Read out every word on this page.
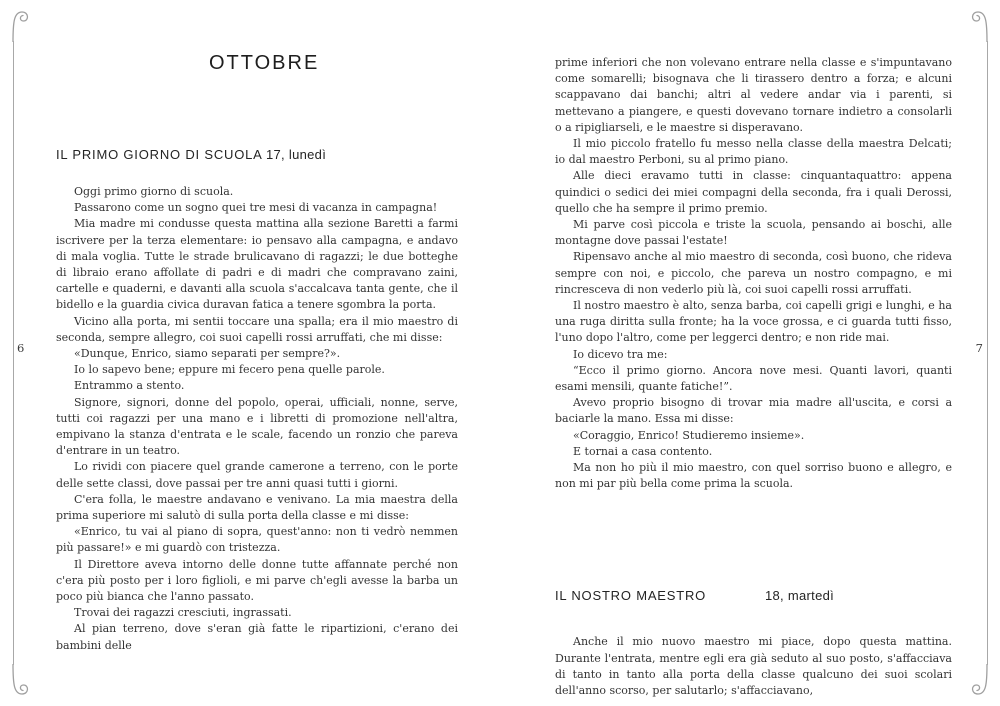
6	7
OTTOBRE
IL PRIMO GIORNO DI SCUOLA 17, lunedì

Oggi primo giorno di scuola.

Passarono come un sogno quei tre mesi di vacanza in campagna!

Mia madre mi condusse questa mattina alla sezione Baretti a farmi iscrivere per la terza elementare: io pensavo alla campagna, e andavo di mala voglia. Tutte le strade brulicavano di ragazzi; le due botteghe di libraio erano affollate di padri e di madri che compravano zaini, cartelle e quaderni, e davanti alla scuola s'accalcava tanta gente, che il bidello e la guardia civica duravan fatica a tenere sgombra la porta.

Vicino alla porta, mi sentii toccare una spalla; era il mio maestro di seconda, sempre allegro, coi suoi capelli rossi arruffati, che mi disse:

«Dunque, Enrico, siamo separati per sempre?».

Io lo sapevo bene; eppure mi fecero pena quelle parole.

Entrammo a stento.

Signore, signori, donne del popolo, operai, ufficiali, nonne, serve, tutti coi ragazzi per una mano e i libretti di promozione nell'altra, empivano la stanza d'entrata e le scale, facendo un ronzio che pareva d'entrare in un teatro.

Lo rividi con piacere quel grande camerone a terreno, con le porte delle sette classi, dove passai per tre anni quasi tutti i giorni.

C'era folla, le maestre andavano e venivano. La mia maestra della prima superiore mi salutò di sulla porta della classe e mi disse:

«Enrico, tu vai al piano di sopra, quest'anno: non ti vedrò nemmen più passare!» e mi guardò con tristezza.

Il Direttore aveva intorno delle donne tutte affannate perché non c'era più posto per i loro figlioli, e mi parve ch'egli avesse la barba un poco più bianca che l'anno passato.

Trovai dei ragazzi cresciuti, ingrassati.

Al pian terreno, dove s'eran già fatte le ripartizioni, c'erano dei bambini delle

prime inferiori che non volevano entrare nella classe e s'impuntavano come somarelli; bisognava che li tirassero dentro a forza; e alcuni scappavano dai banchi; altri al vedere andar via i parenti, si mettevano a piangere, e questi dovevano tornare indietro a consolarli o a ripigliarseli, e le maestre si disperavano.

Il mio piccolo fratello fu messo nella classe della maestra Delcati; io dal maestro Perboni, su al primo piano.

Alle dieci eravamo tutti in classe: cinquantaquattro: appena quindici o sedici dei miei compagni della seconda, fra i quali Derossi, quello che ha sempre il primo premio.

Mi parve così piccola e triste la scuola, pensando ai boschi, alle montagne dove passai l'estate!

Ripensavo anche al mio maestro di seconda, così buono, che rideva sempre con noi, e piccolo, che pareva un nostro compagno, e mi rincresceva di non vederlo più là, coi suoi capelli rossi arruffati.

Il nostro maestro è alto, senza barba, coi capelli grigi e lunghi, e ha una ruga diritta sulla fronte; ha la voce grossa, e ci guarda tutti fisso, l'uno dopo l'altro, come per leggerci dentro; e non ride mai.

Io dicevo tra me:

“Ecco il primo giorno. Ancora nove mesi. Quanti lavori, quanti esami mensili, quante fatiche!”.

Avevo proprio bisogno di trovar mia madre all'uscita, e corsi a baciarle la mano. Essa mi disse:

«Coraggio, Enrico! Studieremo insieme».

E tornai a casa contento.

Ma non ho più il mio maestro, con quel sorriso buono e allegro, e non mi par più bella come prima la scuola.

IL NOSTRO MAESTRO	18, martedì

Anche il mio nuovo maestro mi piace, dopo questa mattina. Durante l'entrata, mentre egli era già seduto al suo posto, s'affacciava di tanto in tanto alla porta della classe qualcuno dei suoi scolari dell'anno scorso, per salutarlo; s'affacciavano,
